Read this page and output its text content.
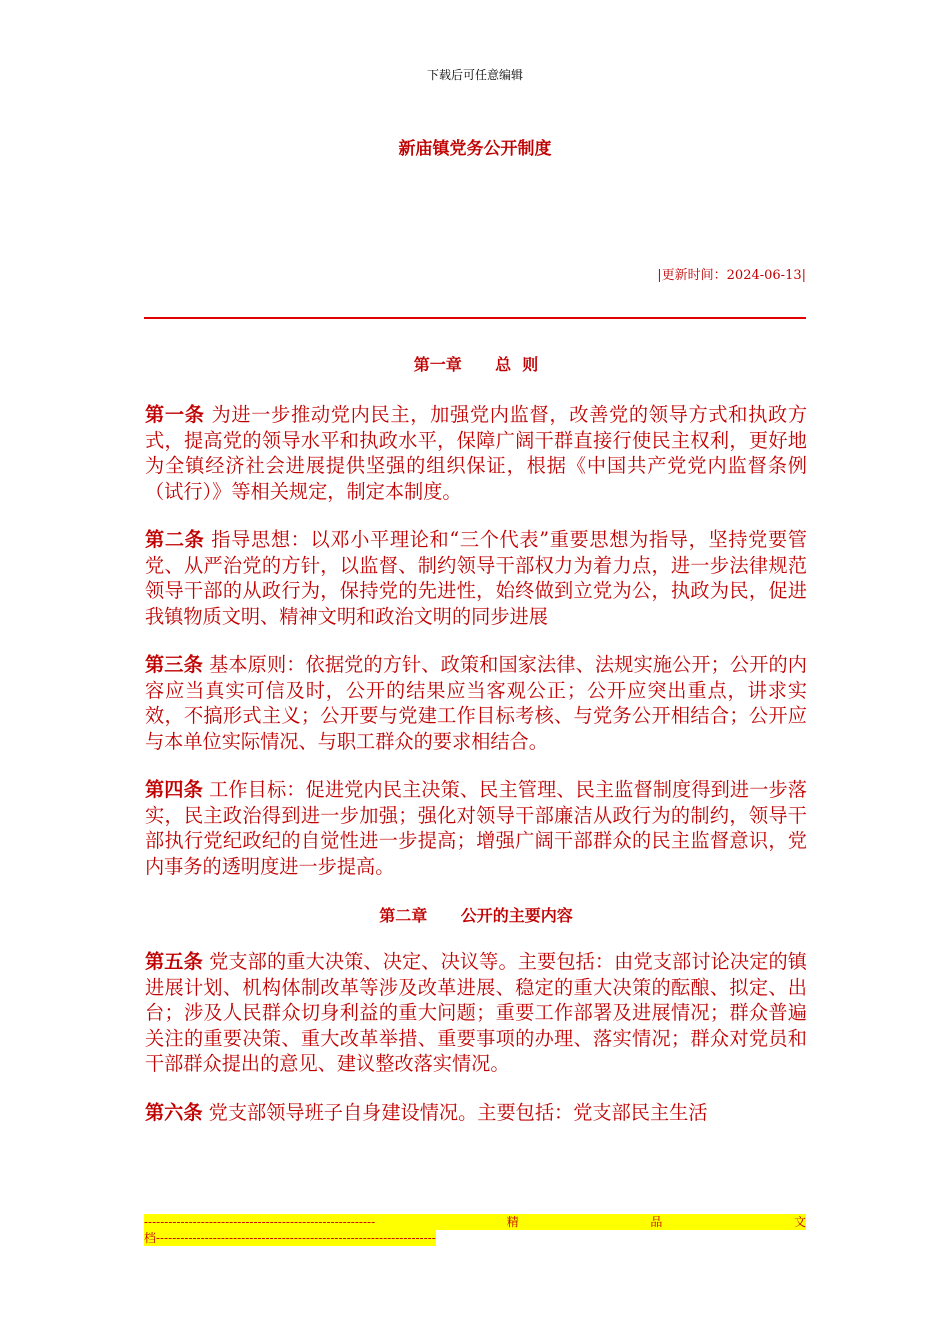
下载后可任意编辑
新庙镇党务公开制度
|更新时间：2024-06-13|
第一章      总  则

第一条 为进一步推动党内民主，加强党内监督，改善党的领导方式和执政方式，提高党的领导水平和执政水平，保障广阔干群直接行使民主权利，更好地为全镇经济社会进展提供坚强的组织保证，根据《中国共产党党内监督条例（试行）》等相关规定，制定本制度。

第二条 指导思想：以邓小平理论和“三个代表”重要思想为指导，坚持党要管党、从严治党的方针，以监督、制约领导干部权力为着力点，进一步法律规范领导干部的从政行为，保持党的先进性，始终做到立党为公，执政为民，促进我镇物质文明、精神文明和政治文明的同步进展

第三条 基本原则：依据党的方针、政策和国家法律、法规实施公开；公开的内容应当真实可信及时，公开的结果应当客观公正；公开应突出重点，讲求实效，不搞形式主义；公开要与党建工作目标考核、与党务公开相结合；公开应与本单位实际情况、与职工群众的要求相结合。

第四条 工作目标：促进党内民主决策、民主管理、民主监督制度得到进一步落实，民主政治得到进一步加强；强化对领导干部廉洁从政行为的制约，领导干部执行党纪政纪的自觉性进一步提高；增强广阔干部群众的民主监督意识，党内事务的透明度进一步提高。

第二章      公开的主要内容

第五条 党支部的重大决策、决定、决议等。主要包括：由党支部讨论决定的镇进展计划、机构体制改革等涉及改革进展、稳定的重大决策的酝酿、拟定、出台；涉及人民群众切身利益的重大问题；重要工作部署及进展情况；群众普遍关注的重要决策、重大改革举措、重要事项的办理、落实情况；群众对党员和干部群众提出的意见、建议整改落实情况。

第六条 党支部领导班子自身建设情况。主要包括：党支部民主生活

---------------------------------------------------------	精	品	文
档---------------------------------------------------------------------
